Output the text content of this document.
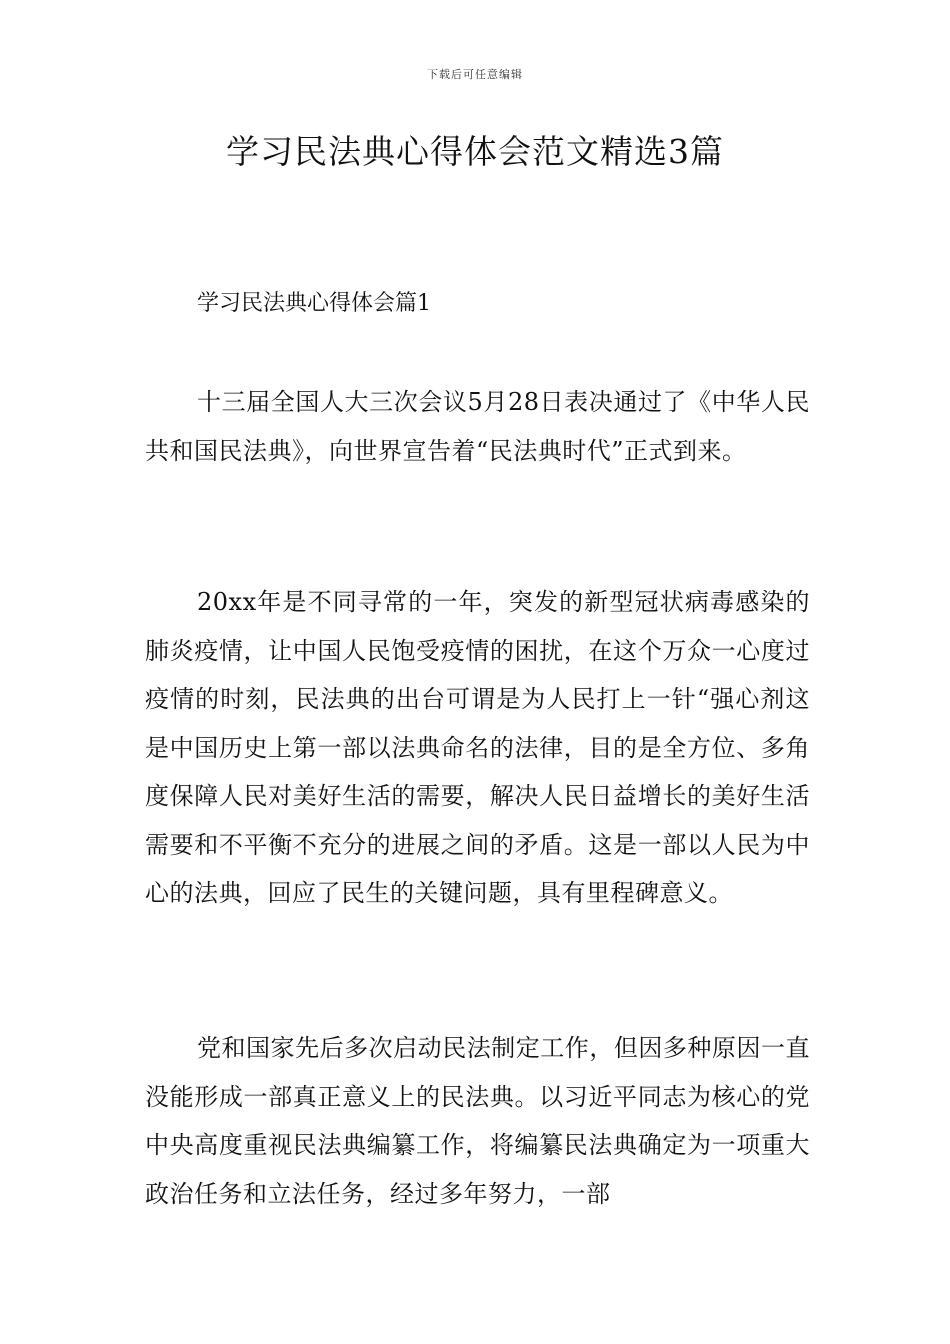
下载后可任意编辑
学习民法典心得体会范文精选3篇
学习民法典心得体会篇1

十三届全国人大三次会议5月28日表决通过了《中华人民共和国民法典》，向世界宣告着“民法典时代”正式到来。

20xx年是不同寻常的一年，突发的新型冠状病毒感染的肺炎疫情，让中国人民饱受疫情的困扰，在这个万众一心度过疫情的时刻，民法典的出台可谓是为人民打上一针“强心剂这是中国历史上第一部以法典命名的法律，目的是全方位、多角度保障人民对美好生活的需要，解决人民日益增长的美好生活需要和不平衡不充分的进展之间的矛盾。这是一部以人民为中心的法典，回应了民生的关键问题，具有里程碑意义。

党和国家先后多次启动民法制定工作，但因多种原因一直没能形成一部真正意义上的民法典。以习近平同志为核心的党中央高度重视民法典编纂工作，将编纂民法典确定为一项重大政治任务和立法任务，经过多年努力，一部
